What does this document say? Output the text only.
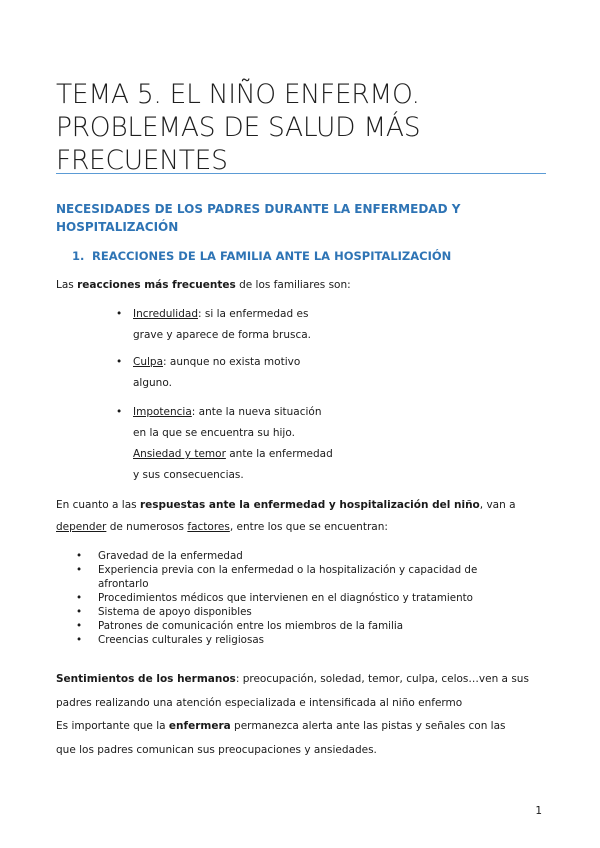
TEMA 5. EL NIÑO ENFERMO.
PROBLEMAS DE SALUD MÁS
FRECUENTES
NECESIDADES DE LOS PADRES DURANTE LA ENFERMEDAD Y
HOSPITALIZACIÓN
1. REACCIONES DE LA FAMILIA ANTE LA HOSPITALIZACIÓN

Las reacciones más frecuentes de los familiares son:

• Incredulidad: si la enfermedad es
grave y aparece de forma brusca.
• Culpa: aunque no exista motivo
alguno.
• Impotencia: ante la nueva situación
en la que se encuentra su hijo.
Ansiedad y temor ante la enfermedad
y sus consecuencias.

En cuanto a las respuestas ante la enfermedad y hospitalización del niño, van a
depender de numerosos factores, entre los que se encuentran:

• Gravedad de la enfermedad
• Experiencia previa con la enfermedad o la hospitalización y capacidad de
afrontarlo
• Procedimientos médicos que intervienen en el diagnóstico y tratamiento
• Sistema de apoyo disponibles
• Patrones de comunicación entre los miembros de la familia
• Creencias culturales y religiosas

Sentimientos de los hermanos: preocupación, soledad, temor, culpa, celos…ven a sus
padres realizando una atención especializada e intensificada al niño enfermo

Es importante que la enfermera permanezca alerta ante las pistas y señales con las
que los padres comunican sus preocupaciones y ansiedades.

1
